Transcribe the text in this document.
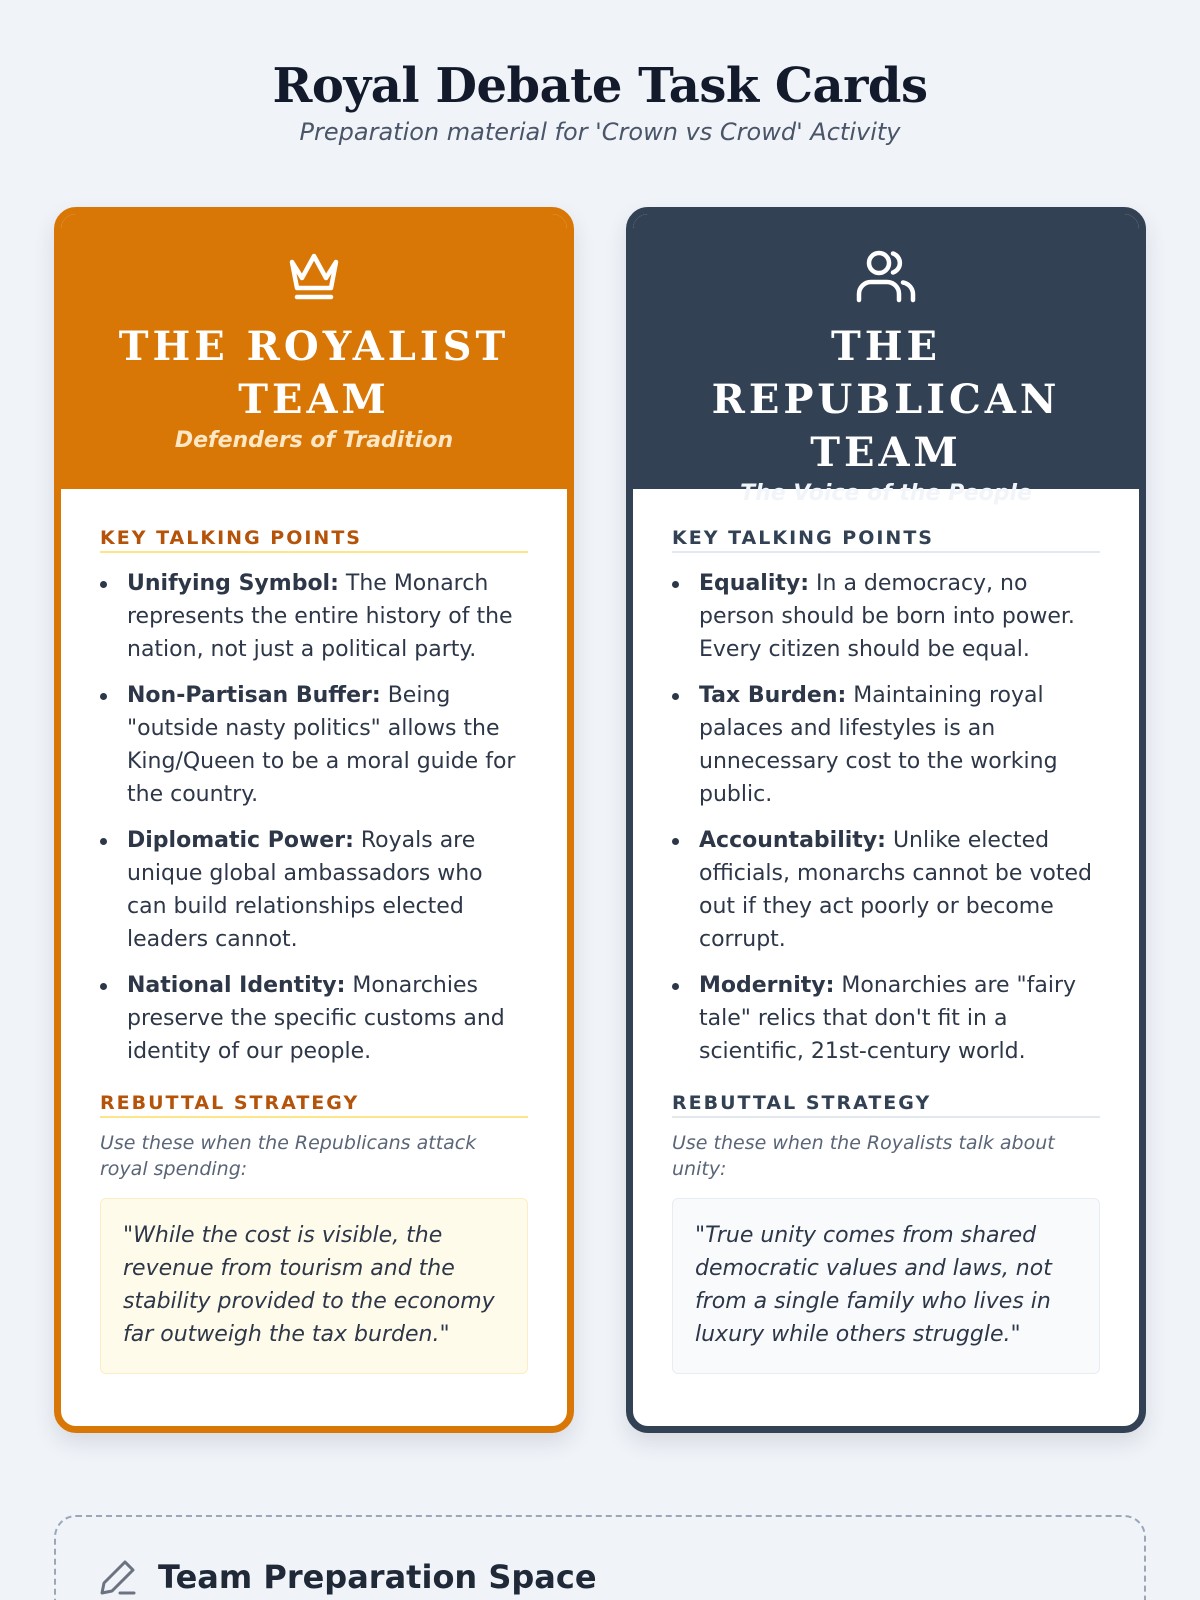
Royal Debate Task Cards

Preparation material for 'Crown vs Crowd' Activity

THE ROYALIST TEAM

Defenders of Tradition

KEY TALKING POINTS
Unifying Symbol: The Monarch represents the entire history of the nation, not just a political party.
Non-Partisan Buffer: Being "outside nasty politics" allows the King/Queen to be a moral guide for the country.
Diplomatic Power: Royals are unique global ambassadors who can build relationships elected leaders cannot.
National Identity: Monarchies preserve the specific customs and identity of our people.
REBUTTAL STRATEGY

Use these when the Republicans attack royal spending:

"While the cost is visible, the revenue from tourism and the stability provided to the economy far outweigh the tax burden."
THE REPUBLICAN TEAM

The Voice of the People

KEY TALKING POINTS
Equality: In a democracy, no person should be born into power. Every citizen should be equal.
Tax Burden: Maintaining royal palaces and lifestyles is an unnecessary cost to the working public.
Accountability: Unlike elected officials, monarchs cannot be voted out if they act poorly or become corrupt.
Modernity: Monarchies are "fairy tale" relics that don't fit in a scientific, 21st-century world.
REBUTTAL STRATEGY

Use these when the Royalists talk about unity:

"True unity comes from shared democratic values and laws, not from a single family who lives in luxury while others struggle."
Team Preparation Space
